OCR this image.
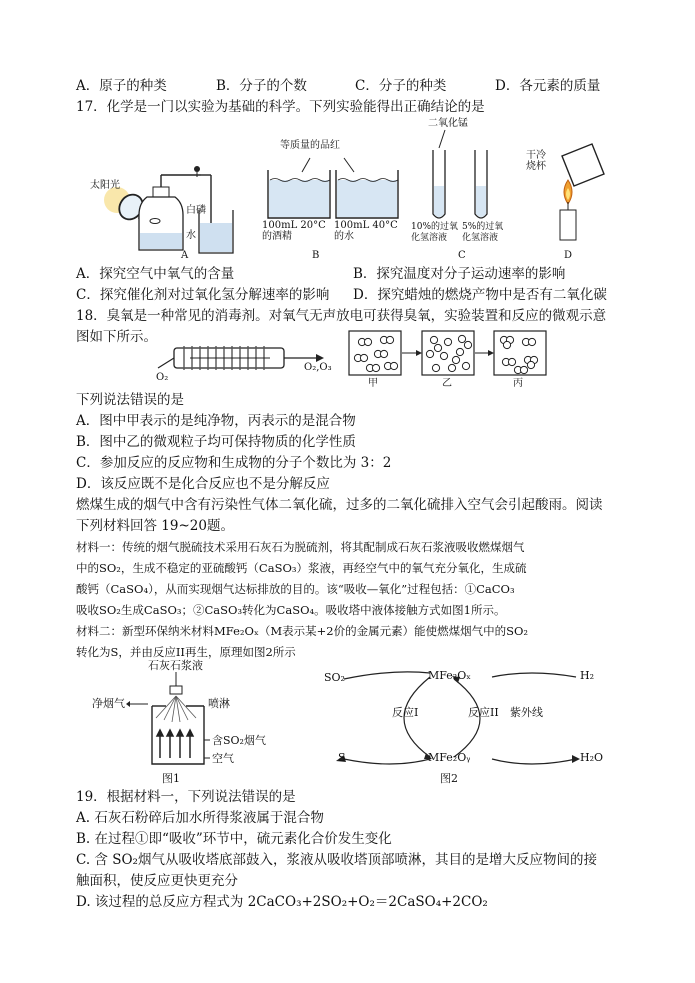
A．原子的种类	B．分子的个数	C．分子的种类	D．各元素的质量
17．化学是一门以实验为基础的科学。下列实验能得出正确结论的是
太阳光
白磷
水
A
等质量的品红
100mL 20°C
的酒精
100mL 40°C
的水
B
二氧化锰
10%的过氧
化氢溶液
5%的过氧
化氢溶液
C
干冷
烧杯
D
A．探究空气中氧气的含量	B．探究温度对分子运动速率的影响
C．探究催化剂对过氧化氢分解速率的影响 D．探究蜡烛的燃烧产物中是否有二氧化碳
18．臭氧是一种常见的消毒剂。对氧气无声放电可获得臭氧，实验装置和反应的微观示意
图如下所示。
O₂
O₂,O₃
甲	乙	丙
下列说法错误的是
A．图中甲表示的是纯净物，丙表示的是混合物
B．图中乙的微观粒子均可保持物质的化学性质
C．参加反应的反应物和生成物的分子个数比为 3：2
D．该反应既不是化合反应也不是分解反应
燃煤生成的烟气中含有污染性气体二氧化硫，过多的二氧化硫排入空气会引起酸雨。阅读
下列材料回答 19~20题。
材料一：传统的烟气脱硫技术采用石灰石为脱硫剂，将其配制成石灰石浆液吸收燃煤烟气
中的SO₂，生成不稳定的亚硫酸钙（CaSO₃）浆液，再经空气中的氧气充分氧化，生成硫
酸钙（CaSO₄），从而实现烟气达标排放的目的。该“吸收—氧化”过程包括：①CaCO₃
吸收SO₂生成CaSO₃；②CaSO₃转化为CaSO₄。吸收塔中液体接触方式如图1所示。
材料二：新型环保纳米材料MFe₂Oₓ（M表示某+2价的金属元素）能使燃煤烟气中的SO₂
转化为S，并由反应II再生，原理如图2所示
石灰石浆液
净烟气	喷淋
含SO₂烟气
空气
图1
SO₂
S
MFe₂Oₓ
MFe₂Oᵧ
反应I	反应II 紫外线
H₂
H₂O
图2
19．根据材料一，下列说法错误的是
A. 石灰石粉碎后加水所得浆液属于混合物
B. 在过程①即“吸收”环节中，硫元素化合价发生变化
C. 含 SO₂烟气从吸收塔底部鼓入，浆液从吸收塔顶部喷淋，其目的是增大反应物间的接
触面积，使反应更快更充分
D. 该过程的总反应方程式为 2CaCO₃+2SO₂+O₂＝2CaSO₄+2CO₂
